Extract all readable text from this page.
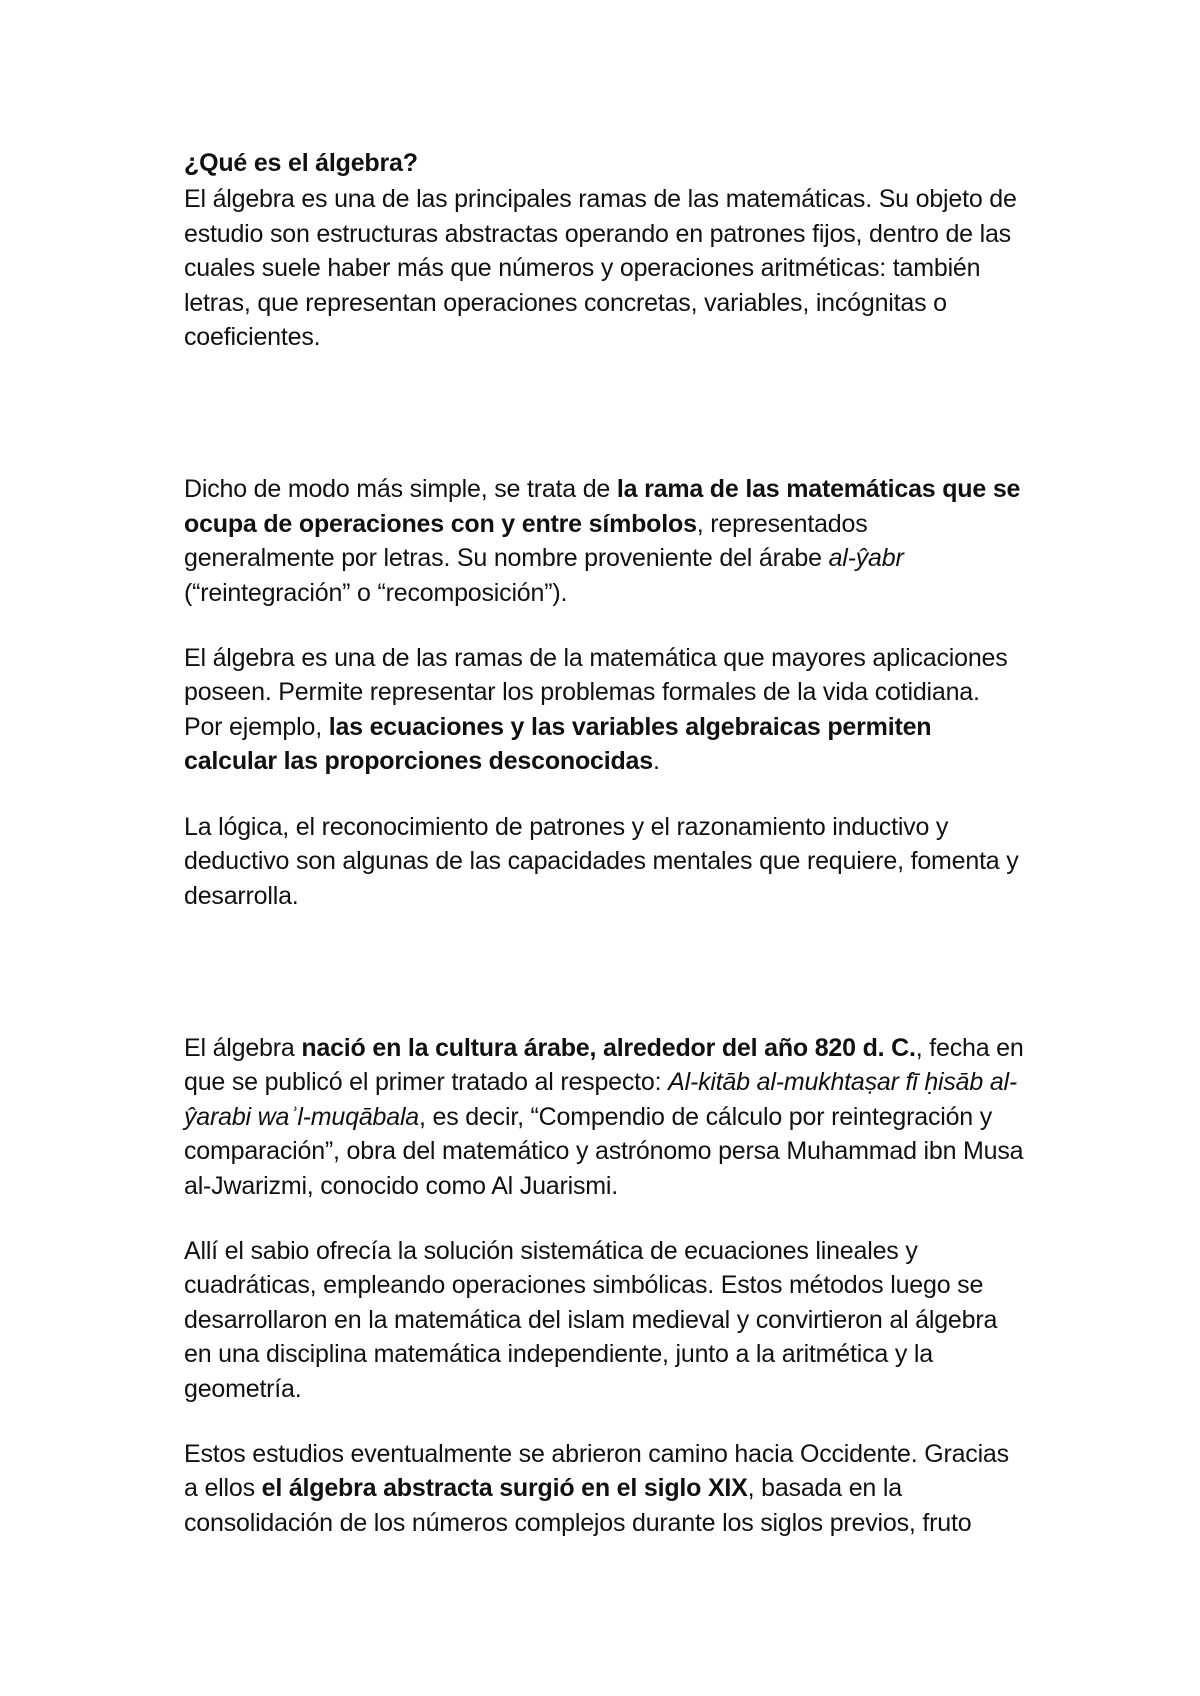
¿Qué es el álgebra?

El álgebra es una de las principales ramas de las matemáticas. Su objeto de estudio son estructuras abstractas operando en patrones fijos, dentro de las cuales suele haber más que números y operaciones aritméticas: también letras, que representan operaciones concretas, variables, incógnitas o coeficientes.

Dicho de modo más simple, se trata de la rama de las matemáticas que se ocupa de operaciones con y entre símbolos, representados generalmente por letras. Su nombre proveniente del árabe al-ŷabr (“reintegración” o “recomposición”).

El álgebra es una de las ramas de la matemática que mayores aplicaciones poseen. Permite representar los problemas formales de la vida cotidiana. Por ejemplo, las ecuaciones y las variables algebraicas permiten calcular las proporciones desconocidas.

La lógica, el reconocimiento de patrones y el razonamiento inductivo y deductivo son algunas de las capacidades mentales que requiere, fomenta y desarrolla.

El álgebra nació en la cultura árabe, alrededor del año 820 d. C., fecha en que se publicó el primer tratado al respecto: Al-kitāb al-mukhtaṣar fī ḥisāb al-ŷarabi waʾl-muqābala, es decir, “Compendio de cálculo por reintegración y comparación”, obra del matemático y astrónomo persa Muhammad ibn Musa al-Jwarizmi, conocido como Al Juarismi.

Allí el sabio ofrecía la solución sistemática de ecuaciones lineales y cuadráticas, empleando operaciones simbólicas. Estos métodos luego se desarrollaron en la matemática del islam medieval y convirtieron al álgebra en una disciplina matemática independiente, junto a la aritmética y la geometría.

Estos estudios eventualmente se abrieron camino hacia Occidente. Gracias a ellos el álgebra abstracta surgió en el siglo XIX, basada en la consolidación de los números complejos durante los siglos previos, fruto
